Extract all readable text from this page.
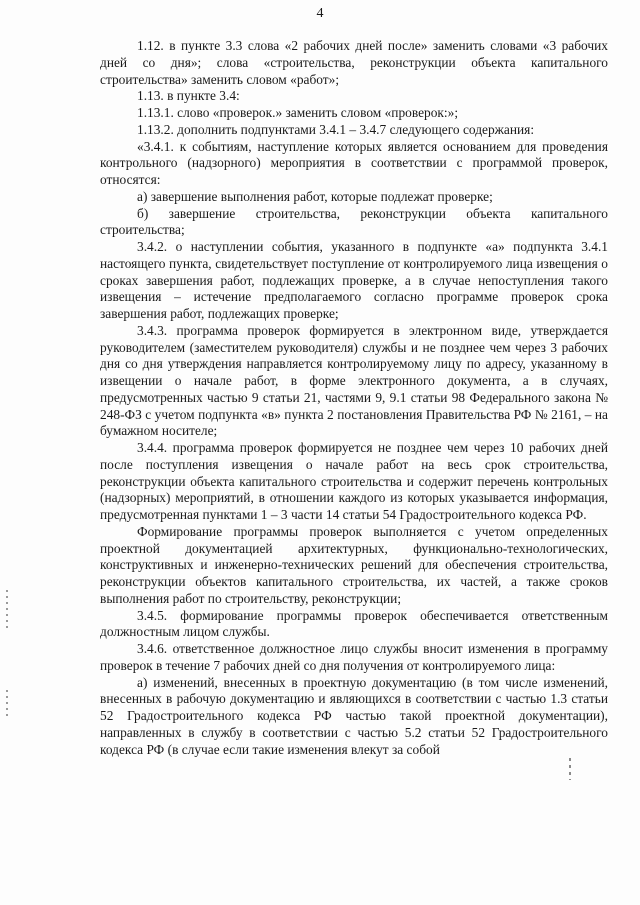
4

1.12. в пункте 3.3 слова «2 рабочих дней после» заменить словами «3 рабочих дней со дня»; слова «строительства, реконструкции объекта капитального строительства» заменить словом «работ»;

1.13. в пункте 3.4:

1.13.1. слово «проверок.» заменить словом «проверок:»;

1.13.2. дополнить подпунктами 3.4.1 – 3.4.7 следующего содержания:

«3.4.1. к событиям, наступление которых является основанием для проведения контрольного (надзорного) мероприятия в соответствии с программой проверок, относятся:

а) завершение выполнения работ, которые подлежат проверке;

б) завершение строительства, реконструкции объекта капитального строительства;

3.4.2. о наступлении события, указанного в подпункте «а» подпункта 3.4.1 настоящего пункта, свидетельствует поступление от контролируемого лица извещения о сроках завершения работ, подлежащих проверке, а в случае непоступления такого извещения – истечение предполагаемого согласно программе проверок срока завершения работ, подлежащих проверке;

3.4.3. программа проверок формируется в электронном виде, утверждается руководителем (заместителем руководителя) службы и не позднее чем через 3 рабочих дня со дня утверждения направляется контролируемому лицу по адресу, указанному в извещении о начале работ, в форме электронного документа, а в случаях, предусмотренных частью 9 статьи 21, частями 9, 9.1 статьи 98 Федерального закона № 248-ФЗ с учетом подпункта «в» пункта 2 постановления Правительства РФ № 2161, – на бумажном носителе;

3.4.4. программа проверок формируется не позднее чем через 10 рабочих дней после поступления извещения о начале работ на весь срок строительства, реконструкции объекта капитального строительства и содержит перечень контрольных (надзорных) мероприятий, в отношении каждого из которых указывается информация, предусмотренная пунктами 1 – 3 части 14 статьи 54 Градостроительного кодекса РФ.

Формирование программы проверок выполняется с учетом определенных проектной документацией архитектурных, функционально-технологических, конструктивных и инженерно-технических решений для обеспечения строительства, реконструкции объектов капитального строительства, их частей, а также сроков выполнения работ по строительству, реконструкции;

3.4.5. формирование программы проверок обеспечивается ответственным должностным лицом службы.

3.4.6. ответственное должностное лицо службы вносит изменения в программу проверок в течение 7 рабочих дней со дня получения от контролируемого лица:

а) изменений, внесенных в проектную документацию (в том числе изменений, внесенных в рабочую документацию и являющихся в соответствии с частью 1.3 статьи 52 Градостроительного кодекса РФ частью такой проектной документации), направленных в службу в соответствии с частью 5.2 статьи 52 Градостроительного кодекса РФ (в случае если такие изменения влекут за собой
